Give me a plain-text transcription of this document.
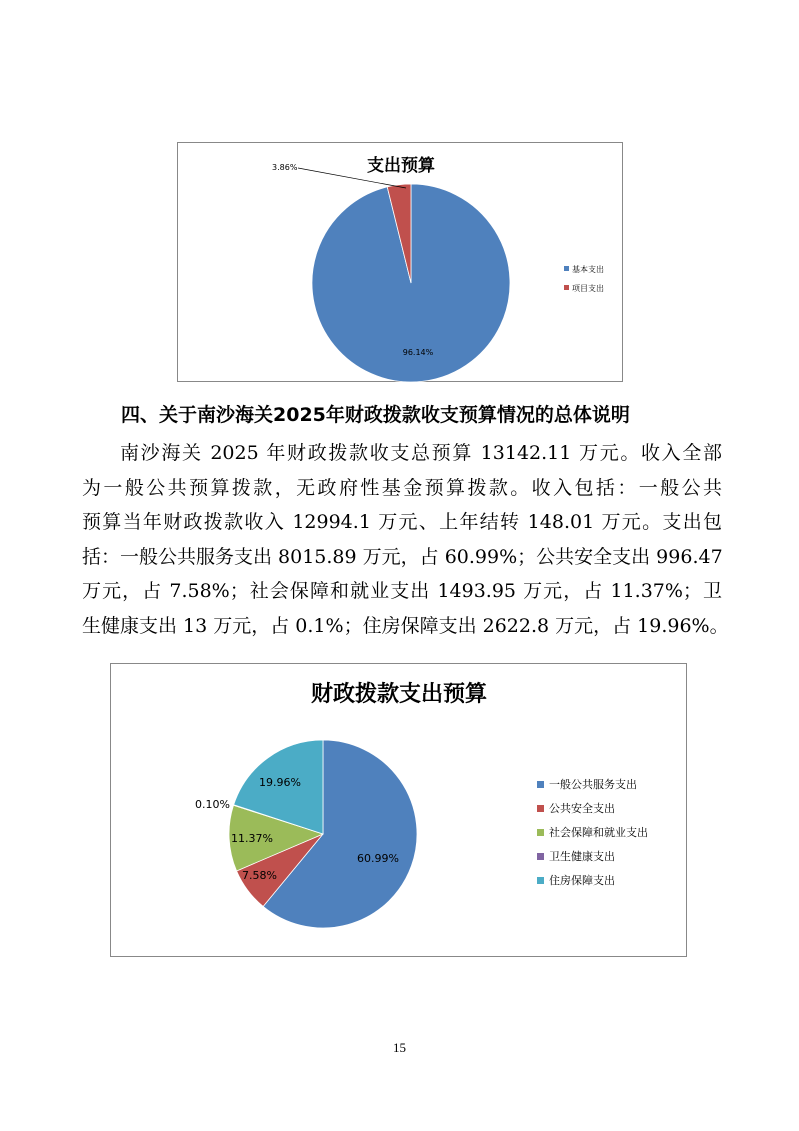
支出预算
3.86%
96.14%
基本支出
项目支出
四、关于南沙海关2025年财政拨款收支预算情况的总体说明
南沙海关 2025 年财政拨款收支总预算 13142.11 万元。收入全部
为一般公共预算拨款，无政府性基金预算拨款。收入包括：一般公共
预算当年财政拨款收入 12994.1 万元、上年结转 148.01 万元。支出包
括：一般公共服务支出 8015.89 万元，占 60.99%；公共安全支出 996.47
万元，占 7.58%；社会保障和就业支出 1493.95 万元，占 11.37%；卫
生健康支出 13 万元，占 0.1%；住房保障支出 2622.8 万元，占 19.96%。
财政拨款支出预算
60.99%
7.58%
11.37%
0.10%
19.96%	一般公共服务支出
公共安全支出
社会保障和就业支出
卫生健康支出
住房保障支出
15
